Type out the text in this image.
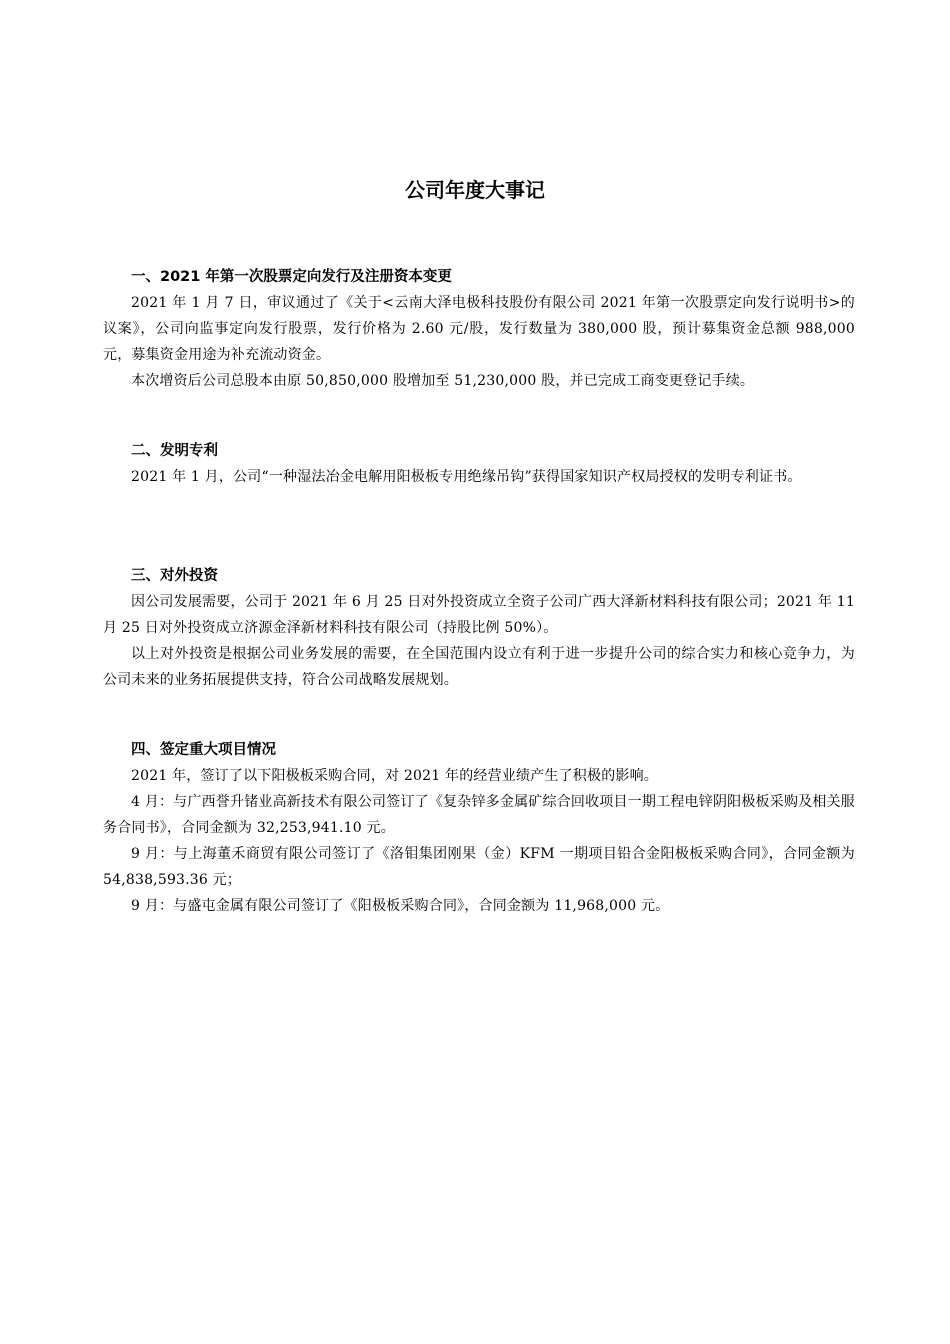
公司年度大事记

一、2021 年第一次股票定向发行及注册资本变更

2021 年 1 月 7 日，审议通过了《关于<云南大泽电极科技股份有限公司 2021 年第一次股票定向发行说明书>的议案》，公司向监事定向发行股票，发行价格为 2.60 元/股，发行数量为 380,000 股，预计募集资金总额 988,000 元，募集资金用途为补充流动资金。

本次增资后公司总股本由原 50,850,000 股增加至 51,230,000 股，并已完成工商变更登记手续。

二、发明专利

2021 年 1 月，公司“一种湿法冶金电解用阳极板专用绝缘吊钩”获得国家知识产权局授权的发明专利证书。

三、对外投资

因公司发展需要，公司于 2021 年 6 月 25 日对外投资成立全资子公司广西大泽新材料科技有限公司；2021 年 11 月 25 日对外投资成立济源金泽新材料科技有限公司（持股比例 50%）。

以上对外投资是根据公司业务发展的需要，在全国范围内设立有利于进一步提升公司的综合实力和核心竞争力，为公司未来的业务拓展提供支持，符合公司战略发展规划。

四、签定重大项目情况

2021 年，签订了以下阳极板采购合同，对 2021 年的经营业绩产生了积极的影响。

4 月：与广西誉升锗业高新技术有限公司签订了《复杂锌多金属矿综合回收项目一期工程电锌阴阳极板采购及相关服务合同书》，合同金额为 32,253,941.10 元。

9 月：与上海董禾商贸有限公司签订了《洛钼集团刚果（金）KFM 一期项目铅合金阳极板采购合同》，合同金额为 54,838,593.36 元；

9 月：与盛屯金属有限公司签订了《阳极板采购合同》，合同金额为 11,968,000 元。
